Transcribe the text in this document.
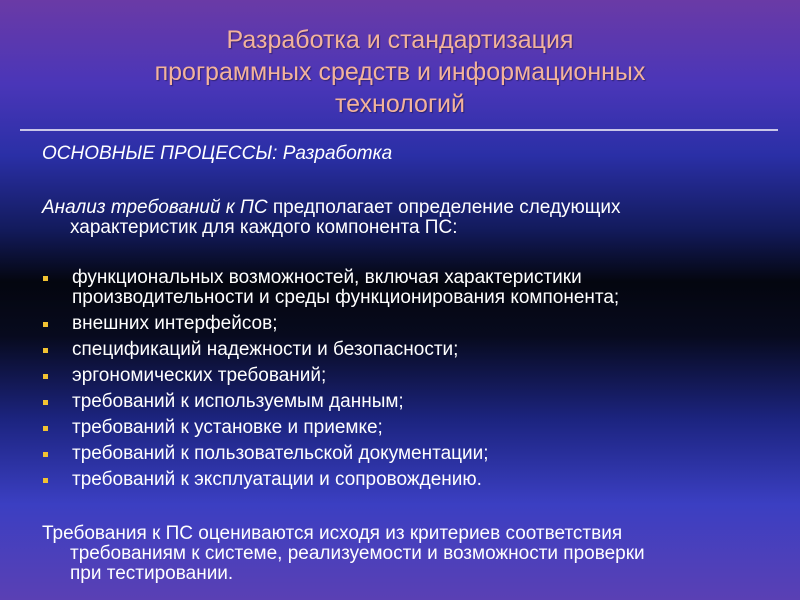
Разработка и стандартизация
программных средств и информационных
технологий
ОСНОВНЫЕ ПРОЦЕССЫ: Разработка
Анализ требований к ПС предполагает определение следующих
характеристик для каждого компонента ПС:
функциональных возможностей, включая характеристики
производительности и среды функционирования компонента;
внешних интерфейсов;
спецификаций надежности и безопасности;
эргономических требований;
требований к используемым данным;
требований к установке и приемке;
требований к пользовательской документации;
требований к эксплуатации и сопровождению.
Требования к ПС оцениваются исходя из критериев соответствия
требованиям к системе, реализуемости и возможности проверки
при тестировании.
